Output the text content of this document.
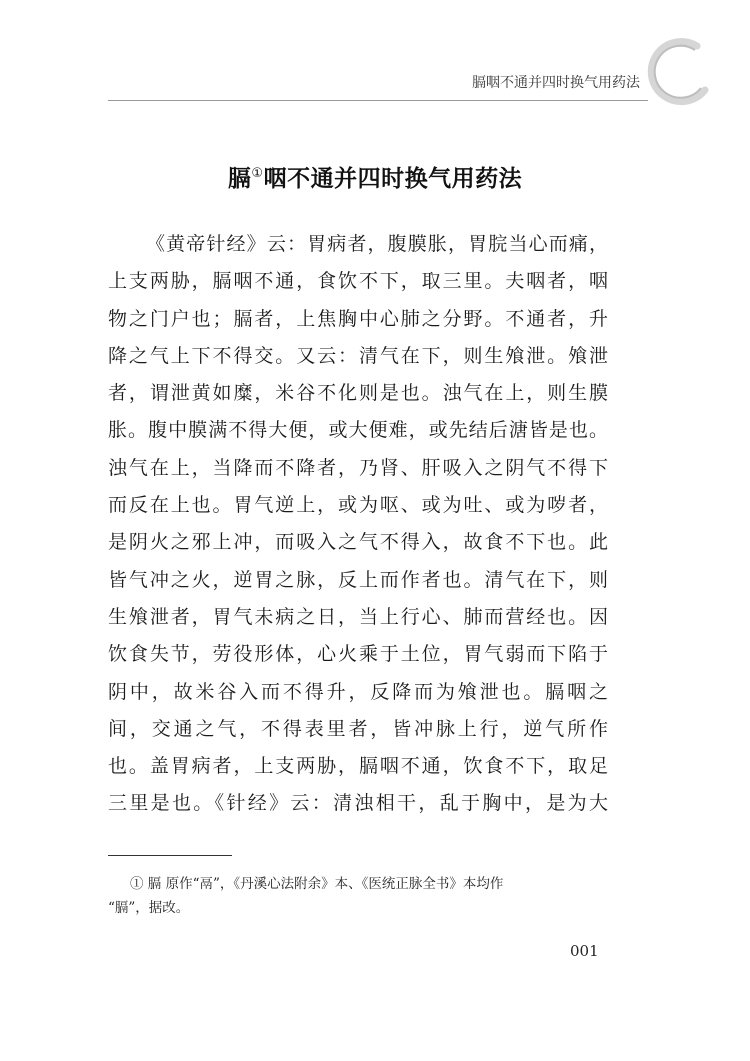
膈咽不通并四时换气用药法
膈①咽不通并四时换气用药法
《黄帝针经》云：胃病者，腹膜胀，胃脘当心而痛，
上支两胁，膈咽不通，食饮不下，取三里。夫咽者，咽
物之门户也；膈者，上焦胸中心肺之分野。不通者，升
降之气上下不得交。又云：清气在下，则生飧泄。飧泄
者，谓泄黄如糜，米谷不化则是也。浊气在上，则生膜
胀。腹中膜满不得大便，或大便难，或先结后溏皆是也。
浊气在上，当降而不降者，乃肾、肝吸入之阴气不得下
而反在上也。胃气逆上，或为呕、或为吐、或为哕者，
是阴火之邪上冲，而吸入之气不得入，故食不下也。此
皆气冲之火，逆胃之脉，反上而作者也。清气在下，则
生飧泄者，胃气未病之日，当上行心、肺而营经也。因
饮食失节，劳役形体，心火乘于土位，胃气弱而下陷于
阴中，故米谷入而不得升，反降而为飧泄也。膈咽之
间，交通之气，不得表里者，皆冲脉上行，逆气所作
也。盖胃病者，上支两胁，膈咽不通，饮食不下，取足
三里是也。《针经》云：清浊相干，乱于胸中，是为大
① 膈 原作“鬲”，《丹溪心法附余》本、《医统正脉全书》本均作
“膈”，据改。
001
